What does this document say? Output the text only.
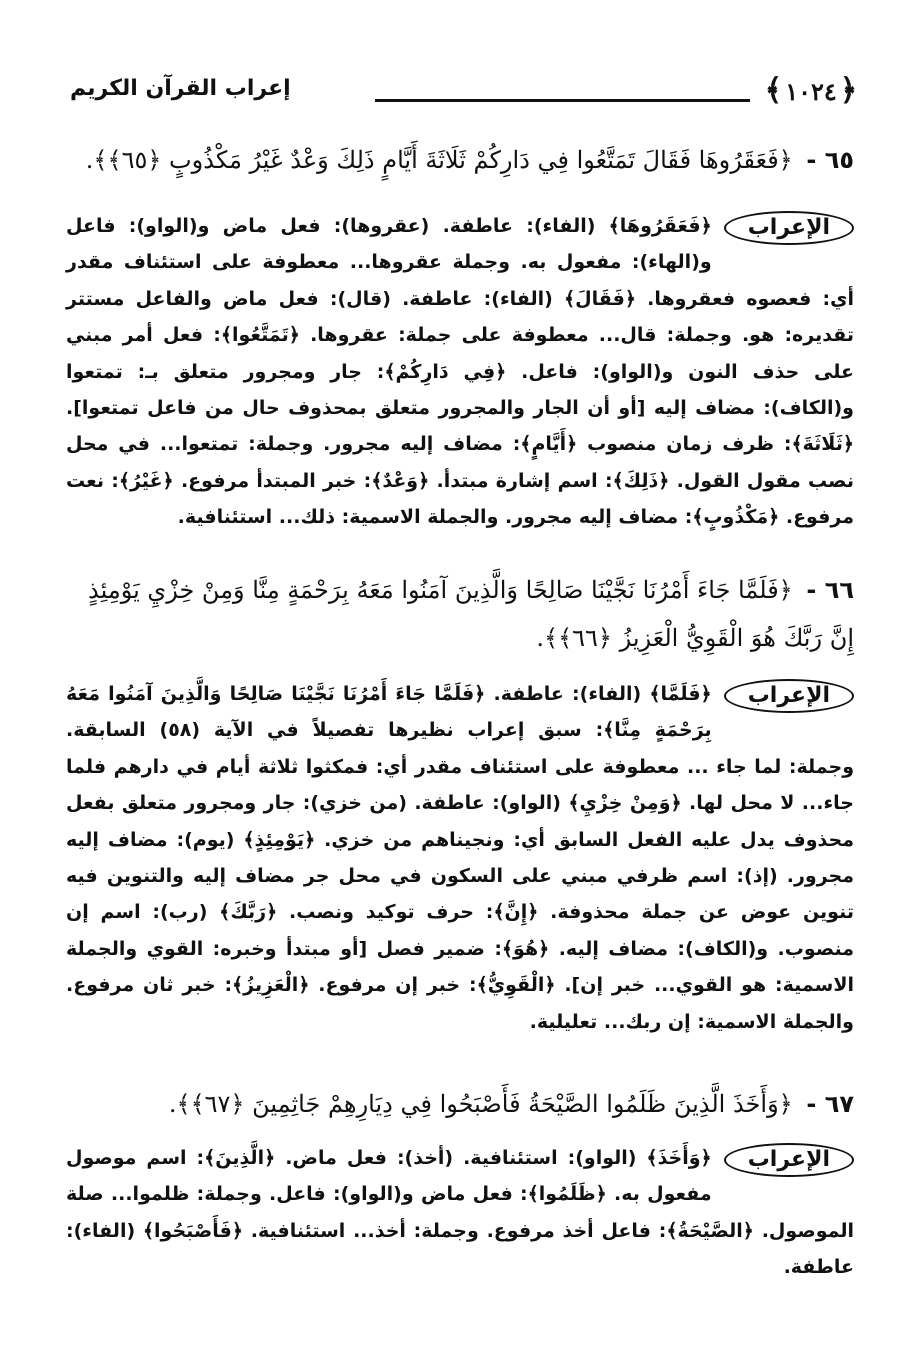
﴿
١٠٢٤
﴾
إعراب القرآن الكريم
٦٥ - ﴿فَعَقَرُوهَا فَقَالَ تَمَتَّعُوا فِي دَارِكُمْ ثَلَاثَةَ أَيَّامٍ ذَلِكَ وَعْدٌ غَيْرُ مَكْذُوبٍ ﴿٦٥﴾﴾.
الإعراب
﴿فَعَقَرُوهَا﴾ (الفاء): عاطفة. (عقروها): فعل ماض و(الواو): فاعل و(الهاء): مفعول به. وجملة عقروها... معطوفة على استئناف مقدر أي: فعصوه فعقروها. ﴿فَقَالَ﴾ (الفاء): عاطفة. (قال): فعل ماض والفاعل مستتر تقديره: هو. وجملة: قال... معطوفة على جملة: عقروها. ﴿تَمَتَّعُوا﴾: فعل أمر مبني على حذف النون و(الواو): فاعل. ﴿فِي دَارِكُمْ﴾: جار ومجرور متعلق بـ: تمتعوا و(الكاف): مضاف إليه [أو أن الجار والمجرور متعلق بمحذوف حال من فاعل تمتعوا]. ﴿ثَلَاثَةَ﴾: ظرف زمان منصوب ﴿أَيَّامٍ﴾: مضاف إليه مجرور. وجملة: تمتعوا... في محل نصب مقول القول. ﴿ذَلِكَ﴾: اسم إشارة مبتدأ. ﴿وَعْدٌ﴾: خبر المبتدأ مرفوع. ﴿غَيْرُ﴾: نعت مرفوع. ﴿مَكْذُوبٍ﴾: مضاف إليه مجرور. والجملة الاسمية: ذلك... استئنافية.
٦٦ - ﴿فَلَمَّا جَاءَ أَمْرُنَا نَجَّيْنَا صَالِحًا وَالَّذِينَ آمَنُوا مَعَهُ بِرَحْمَةٍ مِنَّا وَمِنْ خِزْيِ يَوْمِئِذٍ إِنَّ رَبَّكَ هُوَ الْقَوِيُّ الْعَزِيزُ ﴿٦٦﴾﴾.
الإعراب
﴿فَلَمَّا﴾ (الفاء): عاطفة. ﴿فَلَمَّا جَاءَ أَمْرُنَا نَجَّيْنَا صَالِحًا وَالَّذِينَ آمَنُوا مَعَهُ بِرَحْمَةٍ مِنَّا﴾: سبق إعراب نظيرها تفصيلاً في الآية (٥٨) السابقة. وجملة: لما جاء ... معطوفة على استئناف مقدر أي: فمكثوا ثلاثة أيام في دارهم فلما جاء... لا محل لها. ﴿وَمِنْ خِزْيِ﴾ (الواو): عاطفة. (من خزي): جار ومجرور متعلق بفعل محذوف يدل عليه الفعل السابق أي: ونجيناهم من خزي. ﴿يَوْمِئِذٍ﴾ (يوم): مضاف إليه مجرور. (إذ): اسم ظرفي مبني على السكون في محل جر مضاف إليه والتنوين فيه تنوين عوض عن جملة محذوفة. ﴿إِنَّ﴾: حرف توكيد ونصب. ﴿رَبَّكَ﴾ (رب): اسم إن منصوب. و(الكاف): مضاف إليه. ﴿هُوَ﴾: ضمير فصل [أو مبتدأ وخبره: القوي والجملة الاسمية: هو القوي... خبر إن]. ﴿الْقَوِيُّ﴾: خبر إن مرفوع. ﴿الْعَزِيزُ﴾: خبر ثان مرفوع. والجملة الاسمية: إن ربك... تعليلية.
٦٧ - ﴿وَأَخَذَ الَّذِينَ ظَلَمُوا الصَّيْحَةُ فَأَصْبَحُوا فِي دِيَارِهِمْ جَاثِمِينَ ﴿٦٧﴾﴾.
الإعراب
﴿وَأَخَذَ﴾ (الواو): استئنافية. (أخذ): فعل ماض. ﴿الَّذِينَ﴾: اسم موصول مفعول به. ﴿ظَلَمُوا﴾: فعل ماض و(الواو): فاعل. وجملة: ظلموا... صلة الموصول. ﴿الصَّيْحَةُ﴾: فاعل أخذ مرفوع. وجملة: أخذ... استئنافية. ﴿فَأَصْبَحُوا﴾ (الفاء): عاطفة.
